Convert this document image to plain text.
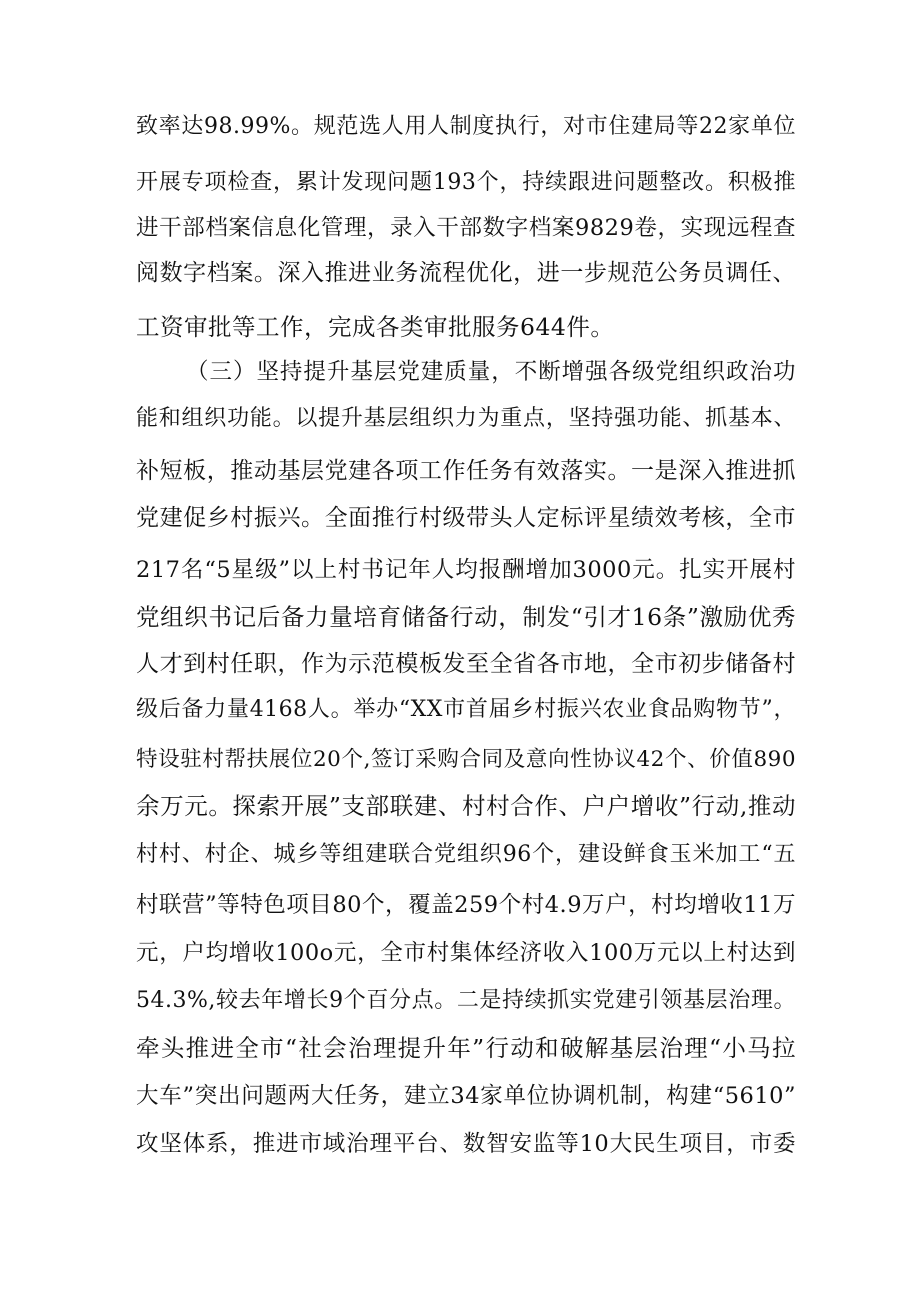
致率达98.99%。规范选人用人制度执行，对市住建局等22家单位
开展专项检查，累计发现问题193个，持续跟进问题整改。积极推
进干部档案信息化管理，录入干部数字档案9829卷，实现远程查
阅数字档案。深入推进业务流程优化，进一步规范公务员调任、
工资审批等工作，完成各类审批服务644件。
（三）坚持提升基层党建质量，不断增强各级党组织政治功
能和组织功能。以提升基层组织力为重点，坚持强功能、抓基本、
补短板，推动基层党建各项工作任务有效落实。一是深入推进抓
党建促乡村振兴。全面推行村级带头人定标评星绩效考核，全市
217名“5星级”以上村书记年人均报酬增加3000元。扎实开展村
党组织书记后备力量培育储备行动，制发“引才16条”激励优秀
人才到村任职，作为示范模板发至全省各市地，全市初步储备村
级后备力量4168人。举办“XX市首届乡村振兴农业食品购物节”，
特设驻村帮扶展位20个,签订采购合同及意向性协议42个、价值890
余万元。探索开展”支部联建、村村合作、户户增收”行动,推动
村村、村企、城乡等组建联合党组织96个，建设鲜食玉米加工“五
村联营”等特色项目80个，覆盖259个村4.9万户，村均增收11万
元，户均增收100o元，全市村集体经济收入100万元以上村达到
54.3%,较去年增长9个百分点。二是持续抓实党建引领基层治理。
牵头推进全市“社会治理提升年”行动和破解基层治理“小马拉
大车”突出问题两大任务，建立34家单位协调机制，构建“5610”
攻坚体系，推进市域治理平台、数智安监等10大民生项目，市委
